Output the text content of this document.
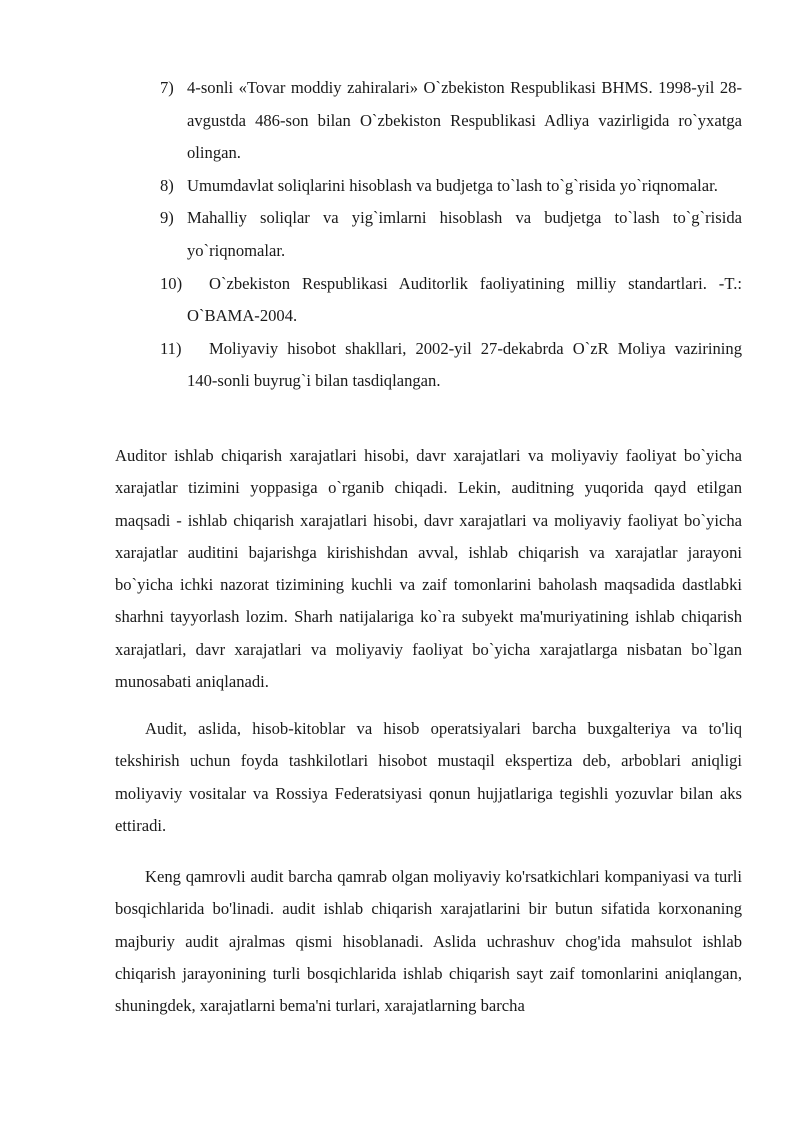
7) 4-sonli «Tovar moddiy zahiralari» O`zbekiston Respublikasi BHMS. 1998-yil 28-avgustda 486-son bilan O`zbekiston Respublikasi Adliya vazirligida ro`yxatga olingan.
8) Umumdavlat soliqlarini hisoblash va budjetga to`lash to`g`risida yo`riqnomalar.
9) Mahalliy soliqlar va yig`imlarni hisoblash va budjetga to`lash to`g`risida yo`riqnomalar.
10) O`zbekiston Respublikasi Auditorlik faoliyatining milliy standartlari. -T.: O`BAMA-2004.
11) Moliyaviy hisobot shakllari, 2002-yil 27-dekabrda O`zR Moliya vazirining 140-sonli buyrug`i bilan tasdiqlangan.

Auditor ishlab chiqarish xarajatlari hisobi, davr xarajatlari va moliyaviy faoliyat bo`yicha xarajatlar tizimini yoppasiga o`rganib chiqadi. Lekin, auditning yuqorida qayd etilgan maqsadi - ishlab chiqarish xarajatlari hisobi, davr xarajatlari va moliyaviy faoliyat bo`yicha xarajatlar auditini bajarishga kirishishdan avval, ishlab chiqarish va xarajatlar jarayoni bo`yicha ichki nazorat tizimining kuchli va zaif tomonlarini baholash maqsadida dastlabki sharhni tayyorlash lozim. Sharh natijalariga ko`ra subyekt ma'muriyatining ishlab chiqarish xarajatlari, davr xarajatlari va moliyaviy faoliyat bo`yicha xarajatlarga nisbatan bo`lgan munosabati aniqlanadi.

Audit, aslida, hisob-kitoblar va hisob operatsiyalari barcha buxgalteriya va to'liq tekshirish uchun foyda tashkilotlari hisobot mustaqil ekspertiza deb, arboblari aniqligi moliyaviy vositalar va Rossiya Federatsiyasi qonun hujjatlariga tegishli yozuvlar bilan aks ettiradi.

Keng qamrovli audit barcha qamrab olgan moliyaviy ko'rsatkichlari kompaniyasi va turli bosqichlarida bo'linadi. audit ishlab chiqarish xarajatlarini bir butun sifatida korxonaning majburiy audit ajralmas qismi hisoblanadi. Aslida uchrashuv chog'ida mahsulot ishlab chiqarish jarayonining turli bosqichlarida ishlab chiqarish sayt zaif tomonlarini aniqlangan, shuningdek, xarajatlarni bema'ni turlari, xarajatlarning barcha
